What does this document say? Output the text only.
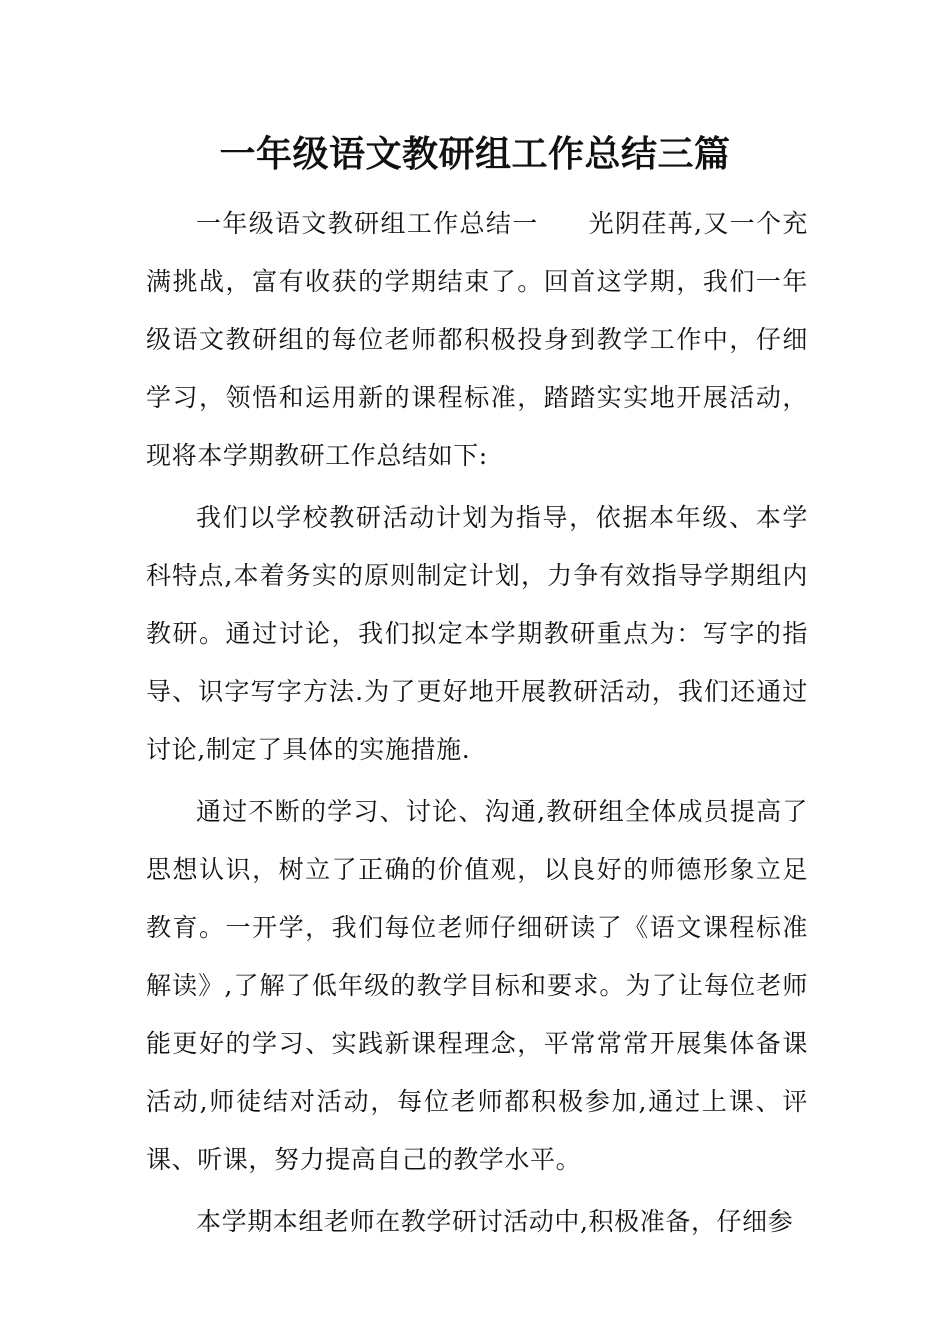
一年级语文教研组工作总结三篇

一年级语文教研组工作总结一 光阴荏苒,又一个充满挑战，富有收获的学期结束了。回首这学期，我们一年级语文教研组的每位老师都积极投身到教学工作中，仔细学习，领悟和运用新的课程标准，踏踏实实地开展活动，现将本学期教研工作总结如下:

我们以学校教研活动计划为指导，依据本年级、本学科特点,本着务实的原则制定计划，力争有效指导学期组内教研。通过讨论，我们拟定本学期教研重点为：写字的指导、识字写字方法.为了更好地开展教研活动，我们还通过讨论,制定了具体的实施措施.

通过不断的学习、讨论、沟通,教研组全体成员提高了思想认识，树立了正确的价值观，以良好的师德形象立足教育。一开学，我们每位老师仔细研读了《语文课程标准解读》,了解了低年级的教学目标和要求。为了让每位老师能更好的学习、实践新课程理念，平常常常开展集体备课活动,师徒结对活动，每位老师都积极参加,通过上课、评课、听课，努力提高自己的教学水平。

本学期本组老师在教学研讨活动中,积极准备，仔细参
